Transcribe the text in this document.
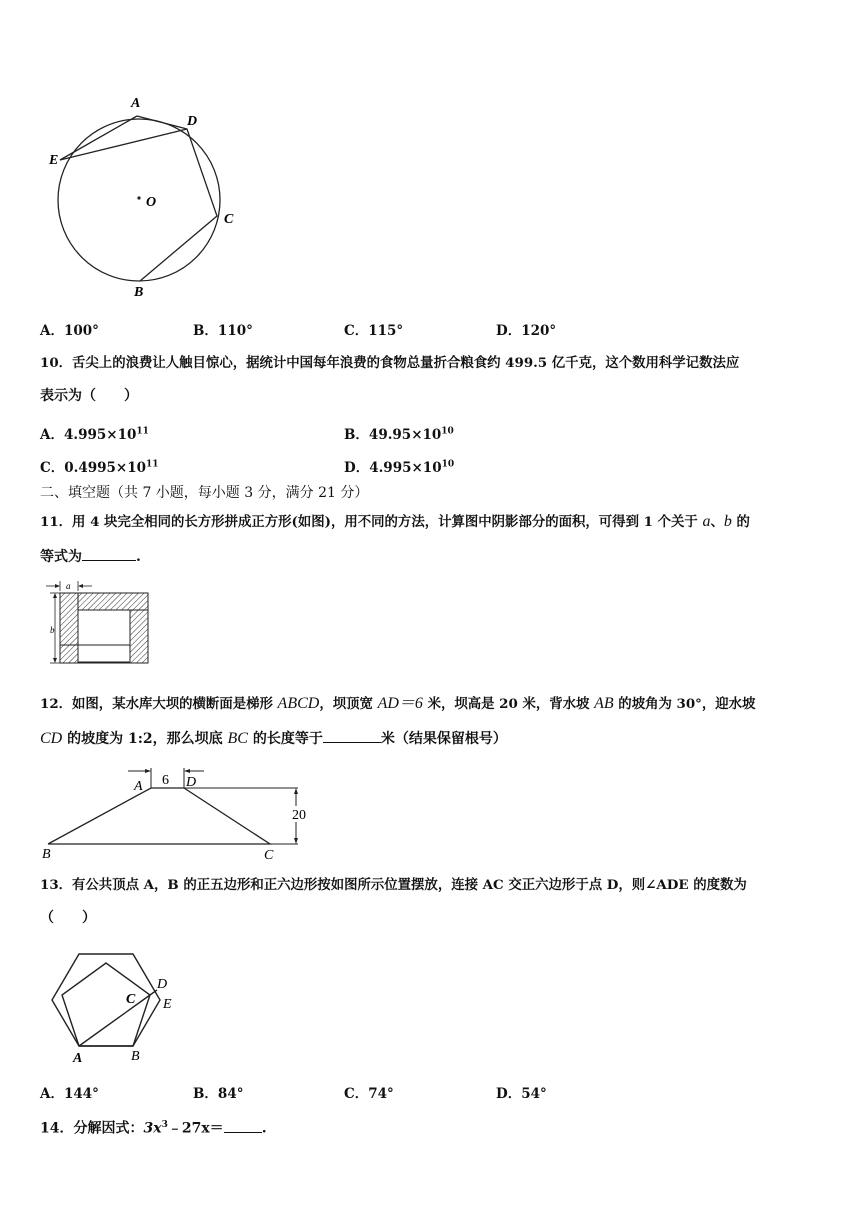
A
D
E
O
C
B
A．100°	B．110°	C．115°	D．120°
10．舌尖上的浪费让人触目惊心，据统计中国每年浪费的食物总量折合粮食约 499.5 亿千克，这个数用科学记数法应
表示为（　　）
A．$4.995\times 10^{11}$	B．$49.95\times 10^{10}$
C．$0.4995\times 10^{11}$	D．$4.995\times 10^{10}$
二、填空题（共 7 小题，每小题 3 分，满分 21 分）
11．用 4 块完全相同的长方形拼成正方形(如图)，用不同的方法，计算图中阴影部分的面积，可得到 1 个关于 a、b 的
等式为	.
a
b
12．如图，某水库大坝的横断面是梯形 ABCD，坝顶宽 AD＝6 米，坝高是 20 米，背水坡 AB 的坡角为 30°，迎水坡
CD 的坡度为 1:2，那么坝底 BC 的长度等于	米（结果保留根号）
6
20
A	D
B	C
13．有公共顶点 A，B 的正五边形和正六边形按如图所示位置摆放，连接 AC 交正六边形于点 D，则∠ADE 的度数为
（　　）
C
D
E
A	B
A．144°	B．84°	C．74°	D．54°
14．分解因式：$3x^3﹣27x=$	.
